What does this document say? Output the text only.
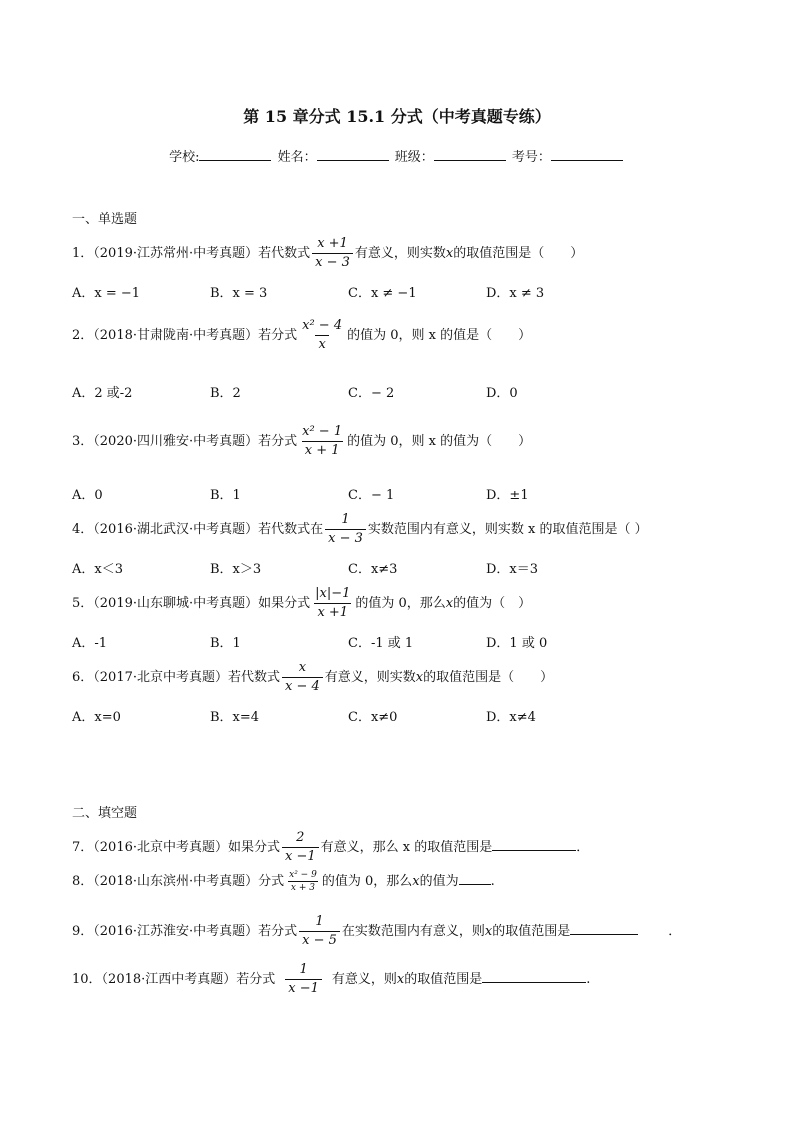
第 15 章分式 15.1 分式（中考真题专练）
学校:	姓名：	班级：	考号：
一、单选题
1．（2019·江苏常州·中考真题）若代数式 $\frac{x +1}{x - 3}$ 有意义，则实数x的取值范围是（　　）
A．x = −1	B．x = 3	C．x ≠ −1	D．x ≠ 3
2．（2018·甘肃陇南·中考真题）若分式 $\frac{\text{x² − 4}}{x}$ 的值为 0，则 x 的值是（　　）
A．2 或-2	B．2	C．− 2	D．0
3．（2020·四川雅安·中考真题）若分式 $\frac{\text{x² − 1}}{x + 1}$ 的值为 0，则 x 的值为（　　）
A．0	B．1	C．− 1	D．±1
4．（2016·湖北武汉·中考真题）若代数式在 $\frac{1}{x - 3}$ 实数范围内有意义，则实数 x 的取值范围是（ ）
A．x＜3	B．x＞3	C．x≠3	D．x＝3
5．（2019·山东聊城·中考真题）如果分式 $\frac{|x|-1}{x +1}$ 的值为 0，那么x的值为（　）
A．-1	B．1	C．-1 或 1	D．1 或 0
6．（2017·北京中考真题）若代数式 $\frac{x}{x - 4}$ 有意义，则实数x的取值范围是（　　）
A．x=0	B．x=4	C．x≠0	D．x≠4
二、填空题
7．（2016·北京中考真题）如果分式 $\frac{2}{x -1}$ 有意义，那么 x 的取值范围是	．
8．（2018·山东滨州·中考真题）分式 $\frac{\text{x² − 9}}{x + 3}$ 的值为 0，那么x的值为 .
9．（2016·江苏淮安·中考真题）若分式 $\frac{1}{x - 5}$ 在实数范围内有意义，则x的取值范围是	．
10．（2018·江西中考真题）若分式 $\frac{1}{x -1}$ 有意义，则x的取值范围是	.
